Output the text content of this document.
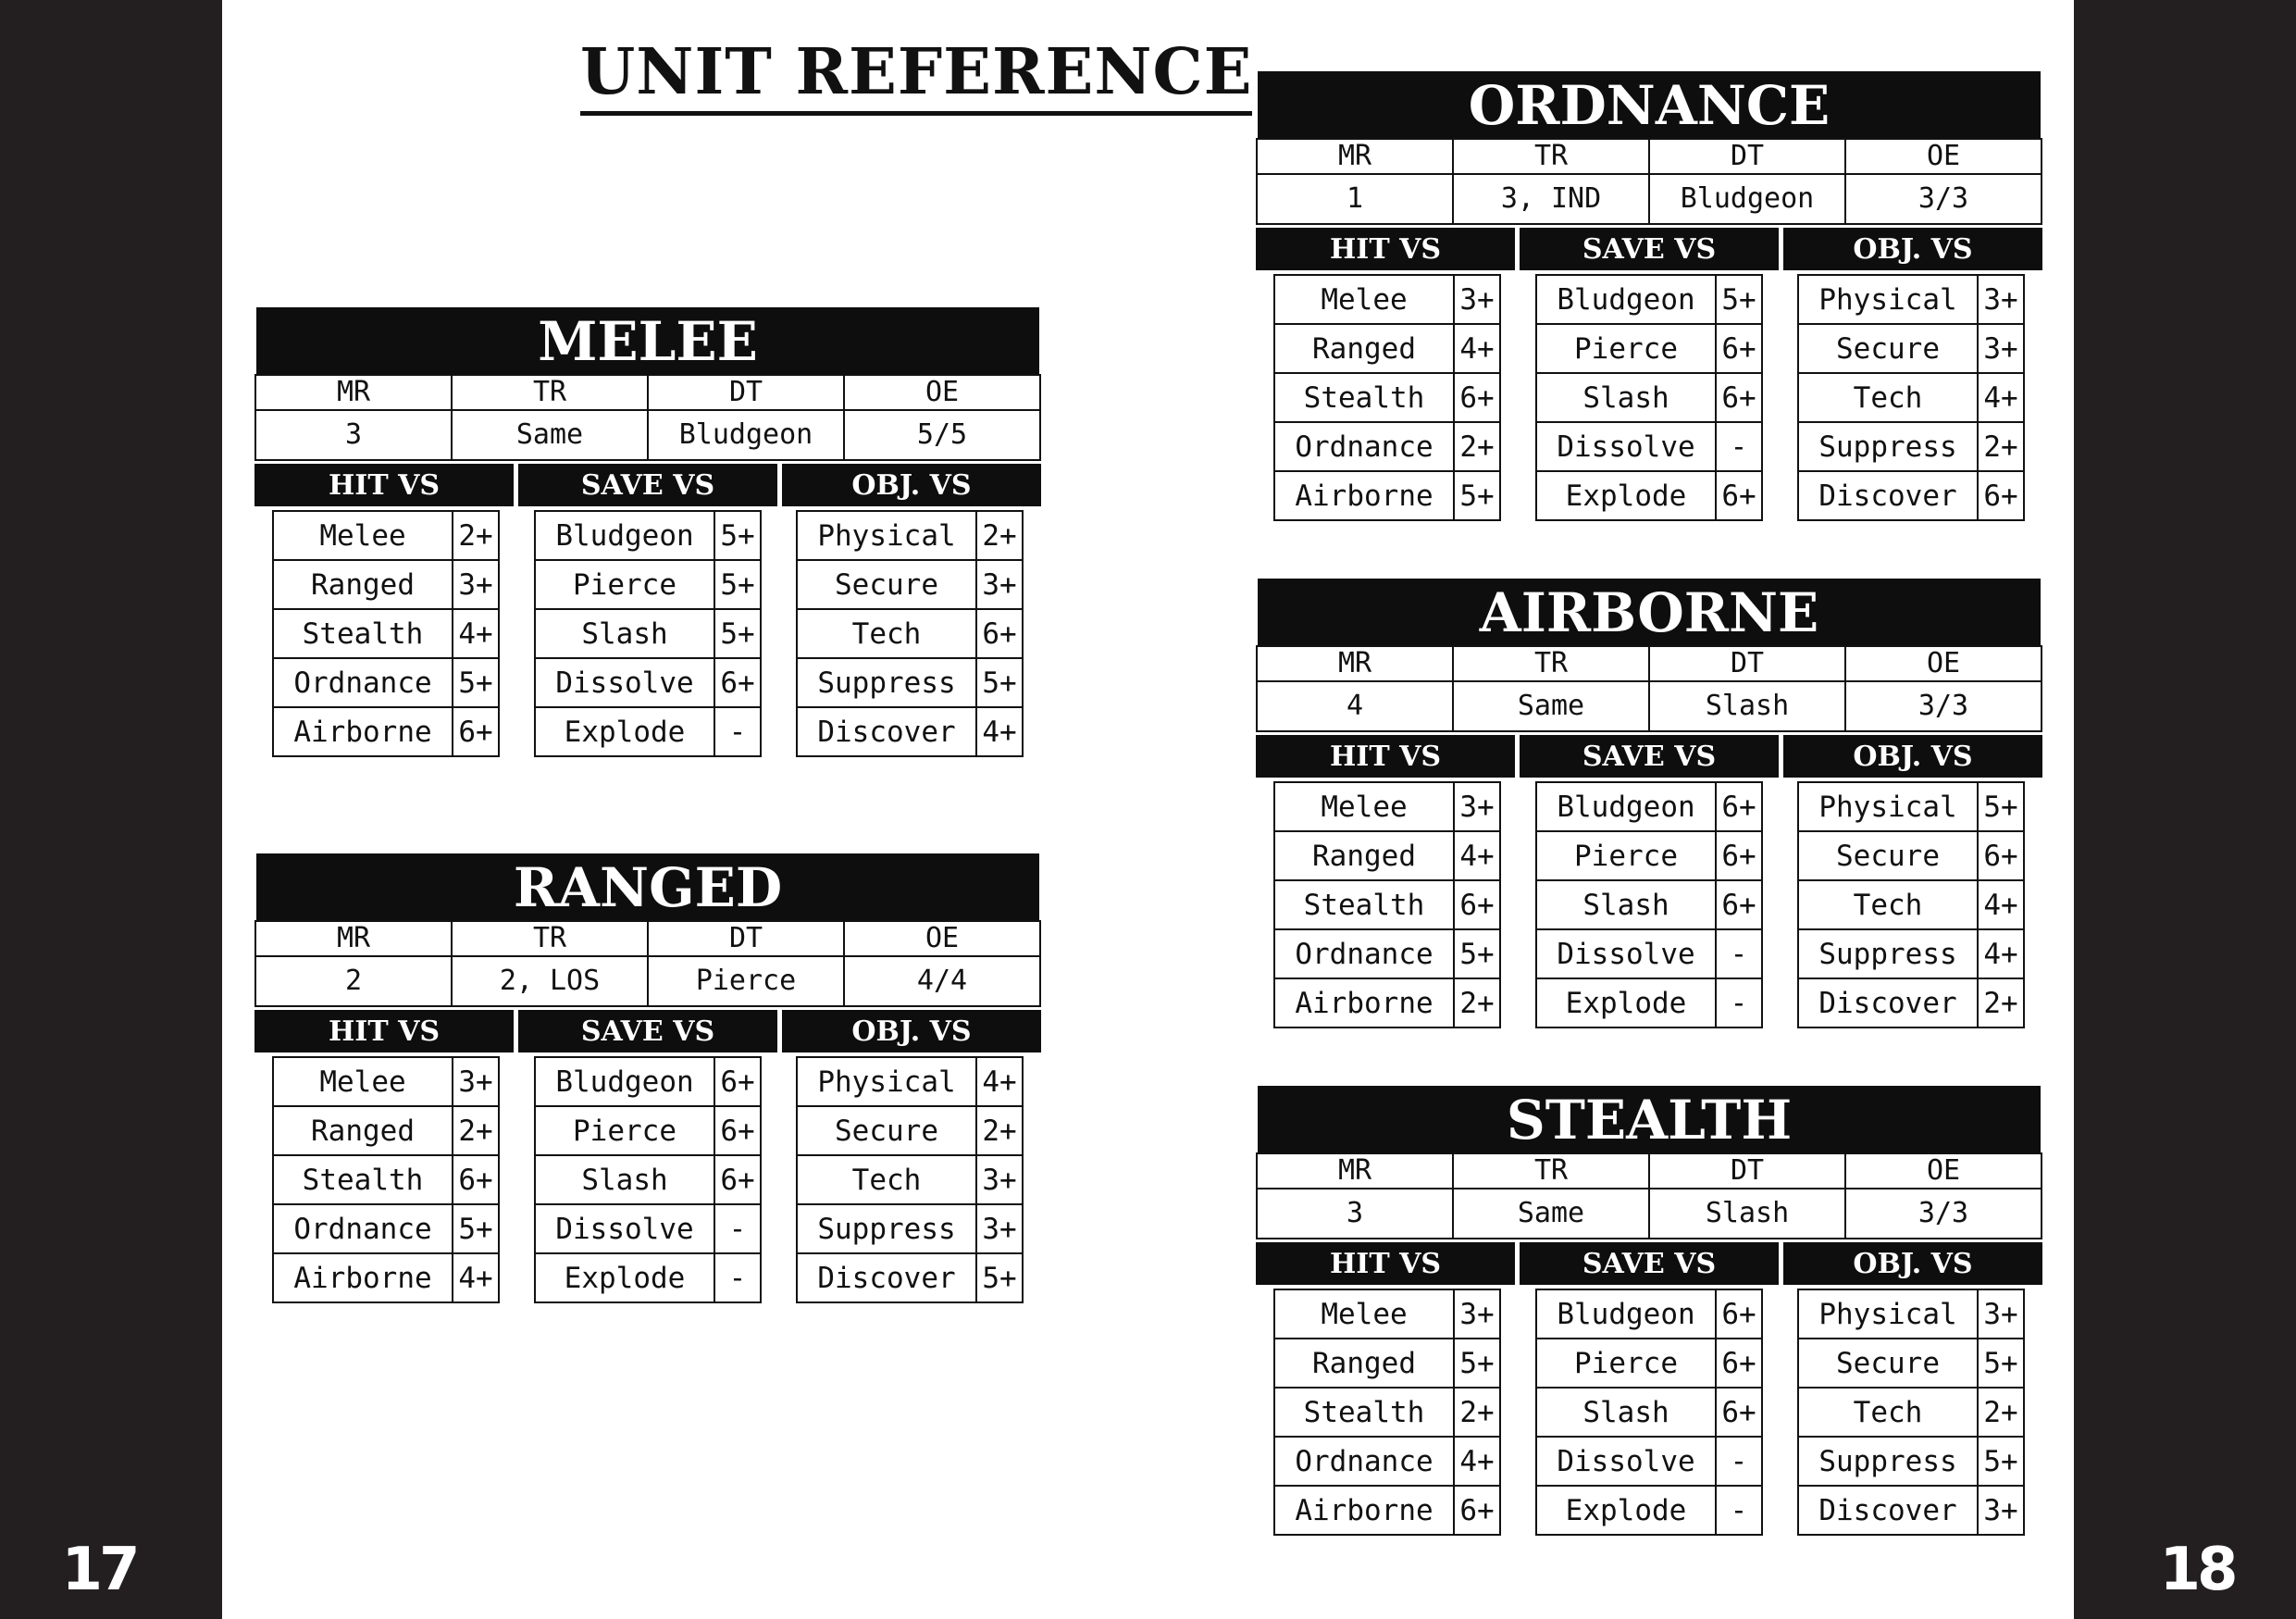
UNIT REFERENCE
17	18
MELEE
MR	TR	DT	OE
3	Same	Bludgeon	5/5
HIT VS	SAVE VS	OBJ. VS
Melee	2+
Ranged	3+
Stealth	4+
Ordnance	5+
Airborne	6+
Bludgeon	5+
Pierce	5+
Slash	5+
Dissolve	6+
Explode	-
Physical	2+
Secure	3+
Tech	6+
Suppress	5+
Discover	4+
RANGED
MR	TR	DT	OE
2	2, LOS	Pierce	4/4
HIT VS	SAVE VS	OBJ. VS
Melee	3+
Ranged	2+
Stealth	6+
Ordnance	5+
Airborne	4+
Bludgeon	6+
Pierce	6+
Slash	6+
Dissolve	-
Explode	-
Physical	4+
Secure	2+
Tech	3+
Suppress	3+
Discover	5+
ORDNANCE
MR	TR	DT	OE
1	3, IND	Bludgeon	3/3
HIT VS	SAVE VS	OBJ. VS
Melee	3+
Ranged	4+
Stealth	6+
Ordnance	2+
Airborne	5+
Bludgeon	5+
Pierce	6+
Slash	6+
Dissolve	-
Explode	6+
Physical	3+
Secure	3+
Tech	4+
Suppress	2+
Discover	6+
AIRBORNE
MR	TR	DT	OE
4	Same	Slash	3/3
HIT VS	SAVE VS	OBJ. VS
Melee	3+
Ranged	4+
Stealth	6+
Ordnance	5+
Airborne	2+
Bludgeon	6+
Pierce	6+
Slash	6+
Dissolve	-
Explode	-
Physical	5+
Secure	6+
Tech	4+
Suppress	4+
Discover	2+
STEALTH
MR	TR	DT	OE
3	Same	Slash	3/3
HIT VS	SAVE VS	OBJ. VS
Melee	3+
Ranged	5+
Stealth	2+
Ordnance	4+
Airborne	6+
Bludgeon	6+
Pierce	6+
Slash	6+
Dissolve	-
Explode	-
Physical	3+
Secure	5+
Tech	2+
Suppress	5+
Discover	3+
